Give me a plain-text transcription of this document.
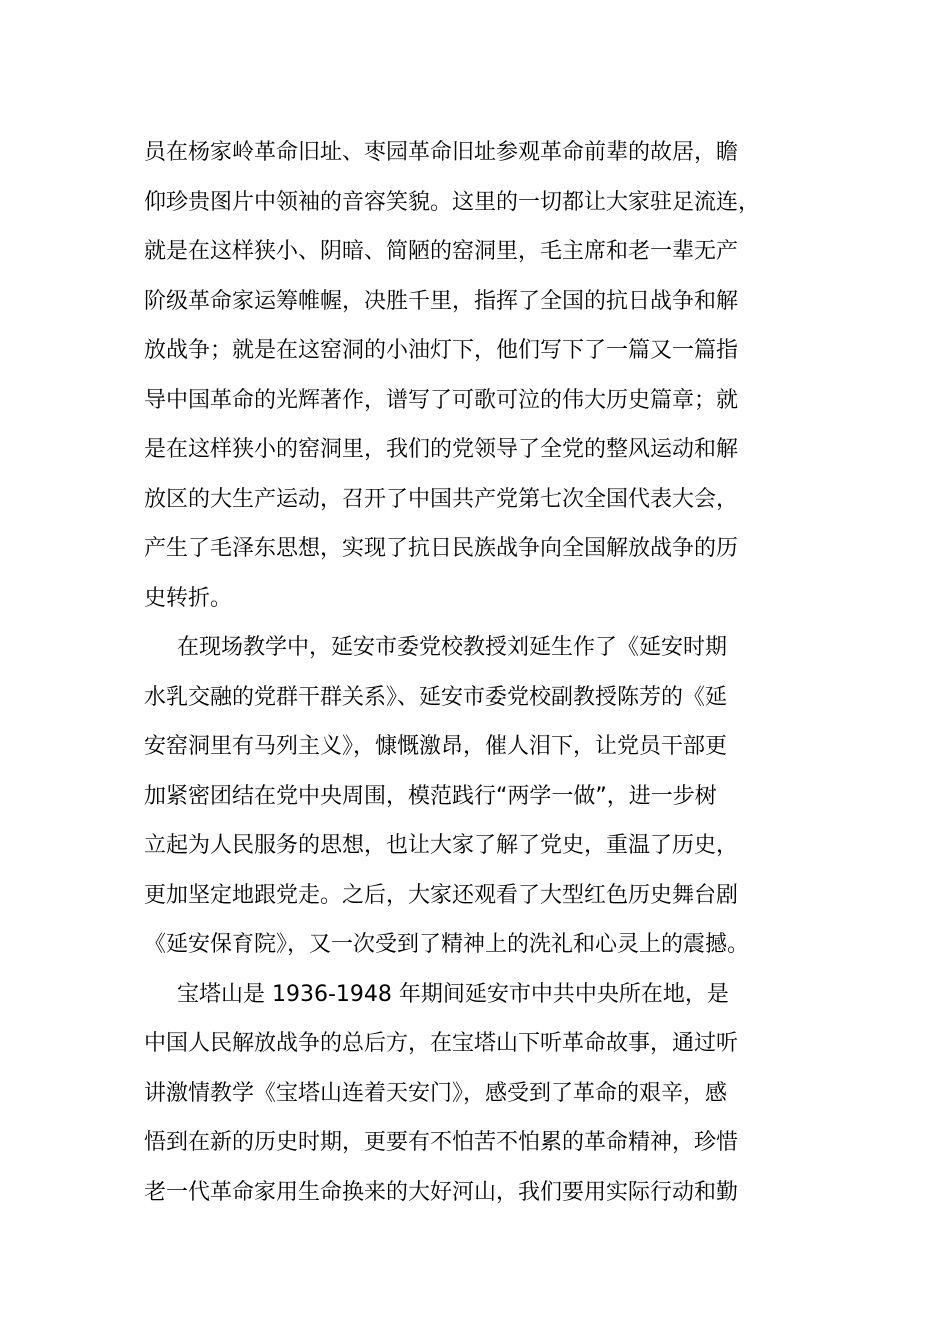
员在杨家岭革命旧址、枣园革命旧址参观革命前辈的故居，瞻
仰珍贵图片中领袖的音容笑貌。这里的一切都让大家驻足流连，
就是在这样狭小、阴暗、简陋的窑洞里，毛主席和老一辈无产
阶级革命家运筹帷幄，决胜千里，指挥了全国的抗日战争和解
放战争；就是在这窑洞的小油灯下，他们写下了一篇又一篇指
导中国革命的光辉著作，谱写了可歌可泣的伟大历史篇章；就
是在这样狭小的窑洞里，我们的党领导了全党的整风运动和解
放区的大生产运动，召开了中国共产党第七次全国代表大会，
产生了毛泽东思想，实现了抗日民族战争向全国解放战争的历
史转折。
在现场教学中，延安市委党校教授刘延生作了《延安时期
水乳交融的党群干群关系》、延安市委党校副教授陈芳的《延
安窑洞里有马列主义》，慷慨激昂，催人泪下，让党员干部更
加紧密团结在党中央周围，模范践行“两学一做”，进一步树
立起为人民服务的思想，也让大家了解了党史，重温了历史，
更加坚定地跟党走。之后，大家还观看了大型红色历史舞台剧
《延安保育院》，又一次受到了精神上的洗礼和心灵上的震撼。
宝塔山是 1936-1948 年期间延安市中共中央所在地，是
中国人民解放战争的总后方，在宝塔山下听革命故事，通过听
讲激情教学《宝塔山连着天安门》，感受到了革命的艰辛，感
悟到在新的历史时期，更要有不怕苦不怕累的革命精神，珍惜
老一代革命家用生命换来的大好河山，我们要用实际行动和勤
